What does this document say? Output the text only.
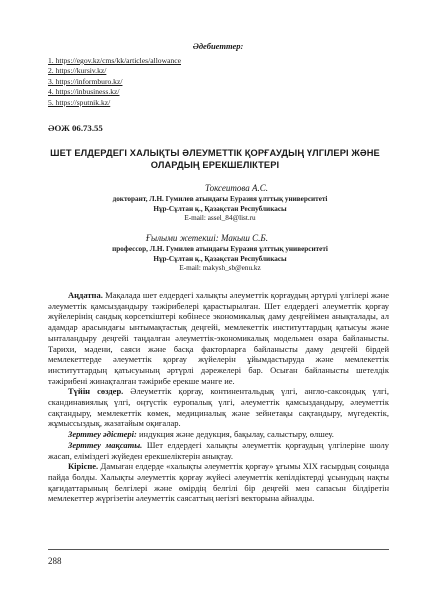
Әдебиеттер:
1. https://egov.kz/cms/kk/articles/allowance
2. https://kursiv.kz/
3. https://informburo.kz/
4. https://inbusiness.kz/
5. https://sputnik.kz/
ӘОЖ 06.73.55
ШЕТ ЕЛДЕРДЕГІ ХАЛЫҚТЫ ӘЛЕУМЕТТІК ҚОРҒАУДЫҢ ҮЛГІЛЕРІ ЖӘНЕ ОЛАРДЫҢ ЕРЕКШЕЛІКТЕРІ
Токсеитова А.С.
докторант, Л.Н. Гумилев атындағы Еуразия ұлттық университеті
Нұр-Сұлтан қ., Қазақстан Республикасы
E-mail: assel_84@list.ru
Ғылыми жетекші: Макыш С.Б.
профессор, Л.Н. Гумилев атындағы Еуразия ұлттық университеті
Нұр-Сұлтан қ., Қазақстан Республикасы
E-mail: makysh_sb@enu.kz

Аңдатпа. Мақалада шет елдердегі халықты әлеуметтік қорғаудың әртүрлі үлгілері және әлеуметтік қамсыздандыру тәжірибелері қарастырылған. Шет елдердегі әлеуметтік қорғау жүйелерінің сандық көрсеткіштері көбінесе экономикалық даму деңгейімен анықталады, ал адамдар арасындағы ынтымақтастық деңгейі, мемлекеттік институттардың қатысуы және ынталандыру деңгейі таңдалған әлеуметтік-экономикалық модельмен өзара байланысты. Тарихи, мәдени, саяси және басқа факторларға байланысты даму деңгейі бірдей мемлекеттерде әлеуметтік қорғау жүйелерін ұйымдастыруда және мемлекеттік институттардың қатысуының әртүрлі дәрежелері бар. Осыған байланысты шетелдік тәжірибені жинақталған тәжірибе ерекше мәнге ие.

Түйін сөздер. Әлеуметтік қорғау, континентальдық үлгі, англо-саксондық үлгі, скандинавиялық үлгі, оңтүстік еуропалық үлгі, әлеуметтік қамсыздандыру, әлеуметтік сақтандыру, мемлекеттік көмек, медициналық және зейнетақы сақтандыру, мүгедектік, жұмыссыздық, жазатайым оқиғалар.

Зерттеу әдістері: индукция және дедукция, бақылау, салыстыру, өлшеу.

Зерттеу мақсаты. Шет елдердегі халықты әлеуметтік қорғаудың үлгілеріне шолу жасап, еліміздегі жүйеден ерекшеліктерін анықтау.

Кіріспе. Дамыған елдерде «халықты әлеуметтік қорғау» ұғымы XIX ғасырдың соңында пайда болды. Халықты әлеуметтік қорғау жүйесі әлеуметтік кепілдіктерді ұсынудың нақты қағидаттарының белгілері және өмірдің белгілі бір деңгейі мен сапасын білдіретін мемлекеттер жүргізетін әлеуметтік саясаттың негізгі векторына айналды.

288
